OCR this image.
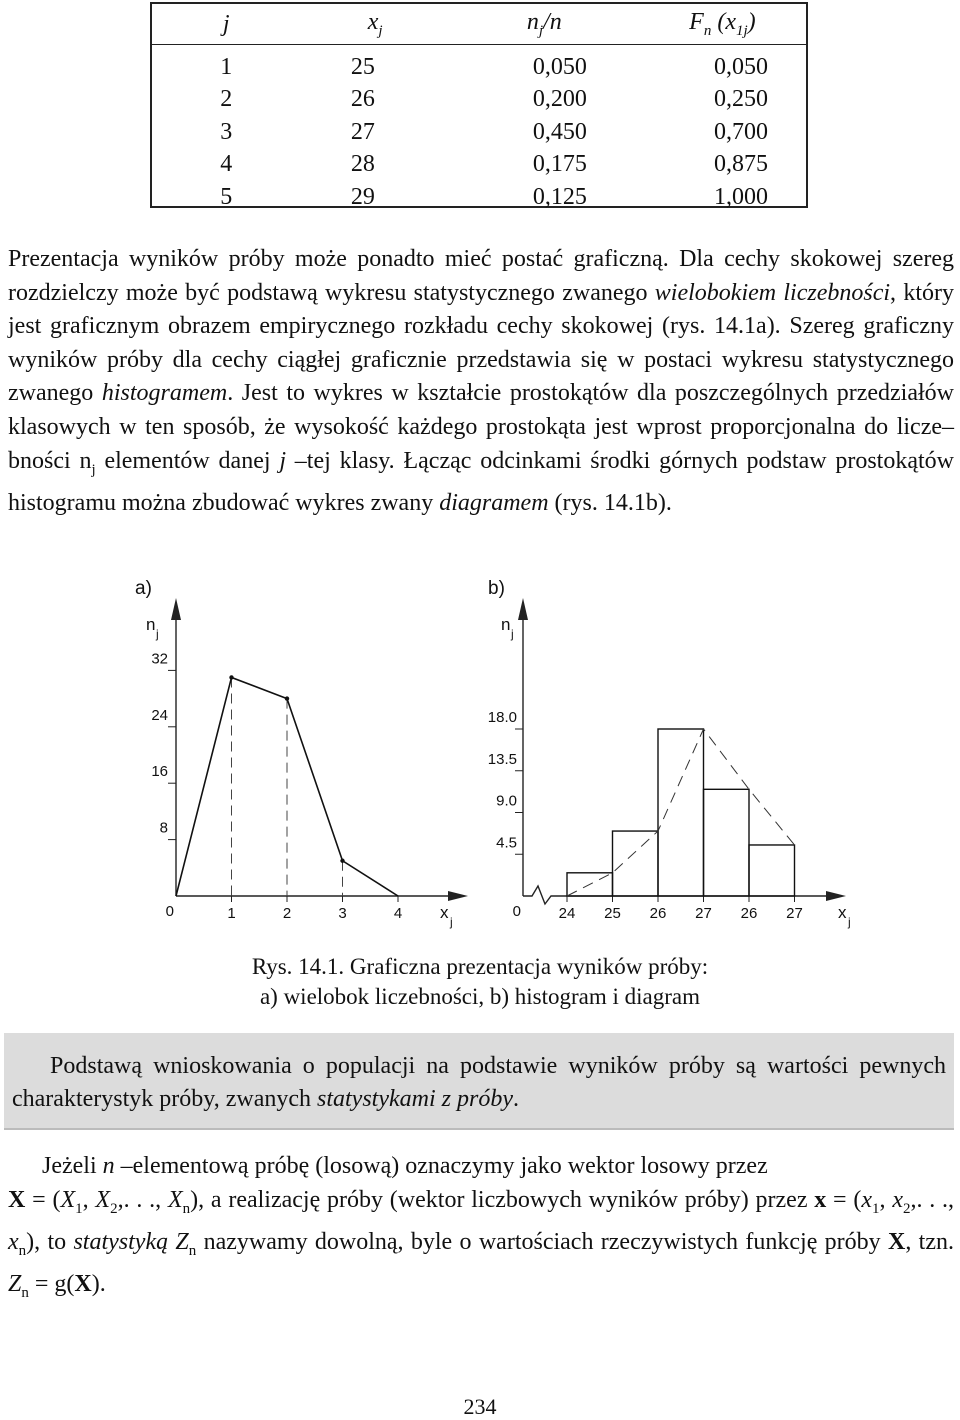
j	$x_j$	$n_j/n$	$F_n$ $(x_{1j})$
1	25	0,050	0,050
2	26	0,200	0,250
3	27	0,450	0,700
4	28	0,175	0,875
5	29	0,125	1,000

Prezentacja wyników próby może ponadto mieć postać graficzną. Dla cechy skokowej szereg rozdzielczy może być podstawą wykresu statystycznego zwanego wielobokiem liczebności, który jest graficznym obrazem empirycznego rozkładu cechy skokowej (rys. 14.1a). Szereg graficzny wyników próby dla cechy ciągłej graficznie przedstawia się w postaci wykresu statystycznego zwanego histogramem. Jest to wykres w kształcie prostokątów dla poszczególnych przedziałów klasowych w ten sposób, że wysokość każdego prostokąta jest wprost proporcjonalna do licze–bności $n_j$ elementów danej j –tej klasy. Łącząc odcinkami środki górnych podstaw prostokątów histogramu można zbudować wykres zwany diagramem (rys. 14.1b).

a)
n j
0
8
16
24
32
1	2	3	4 x j
b)
n j
0
4.5
9.0
13.5
18.0
24 25 26 27 26 27 x j
Rys. 14.1. Graficzna prezentacja wyników próby:
a) wielobok liczebności, b) histogram i diagram

Podstawą wnioskowania o populacji na podstawie wyników próby są wartości pewnych charakterystyk próby, zwanych statystykami z próby.

Jeżeli n –elementową próbę (losową) oznaczymy jako wektor losowy przez
$X = (X_1$, $X_2$,. . ., $X_n$), a realizację próby (wektor liczbowych wyników próby) przez $x = (x_1$, $x_2$,. . ., $x_n$), to statystyką $Z_n$ nazywamy dowolną, byle o wartościach rzeczywistych funkcję próby X, tzn. $Z_n = g(X)$.

234
